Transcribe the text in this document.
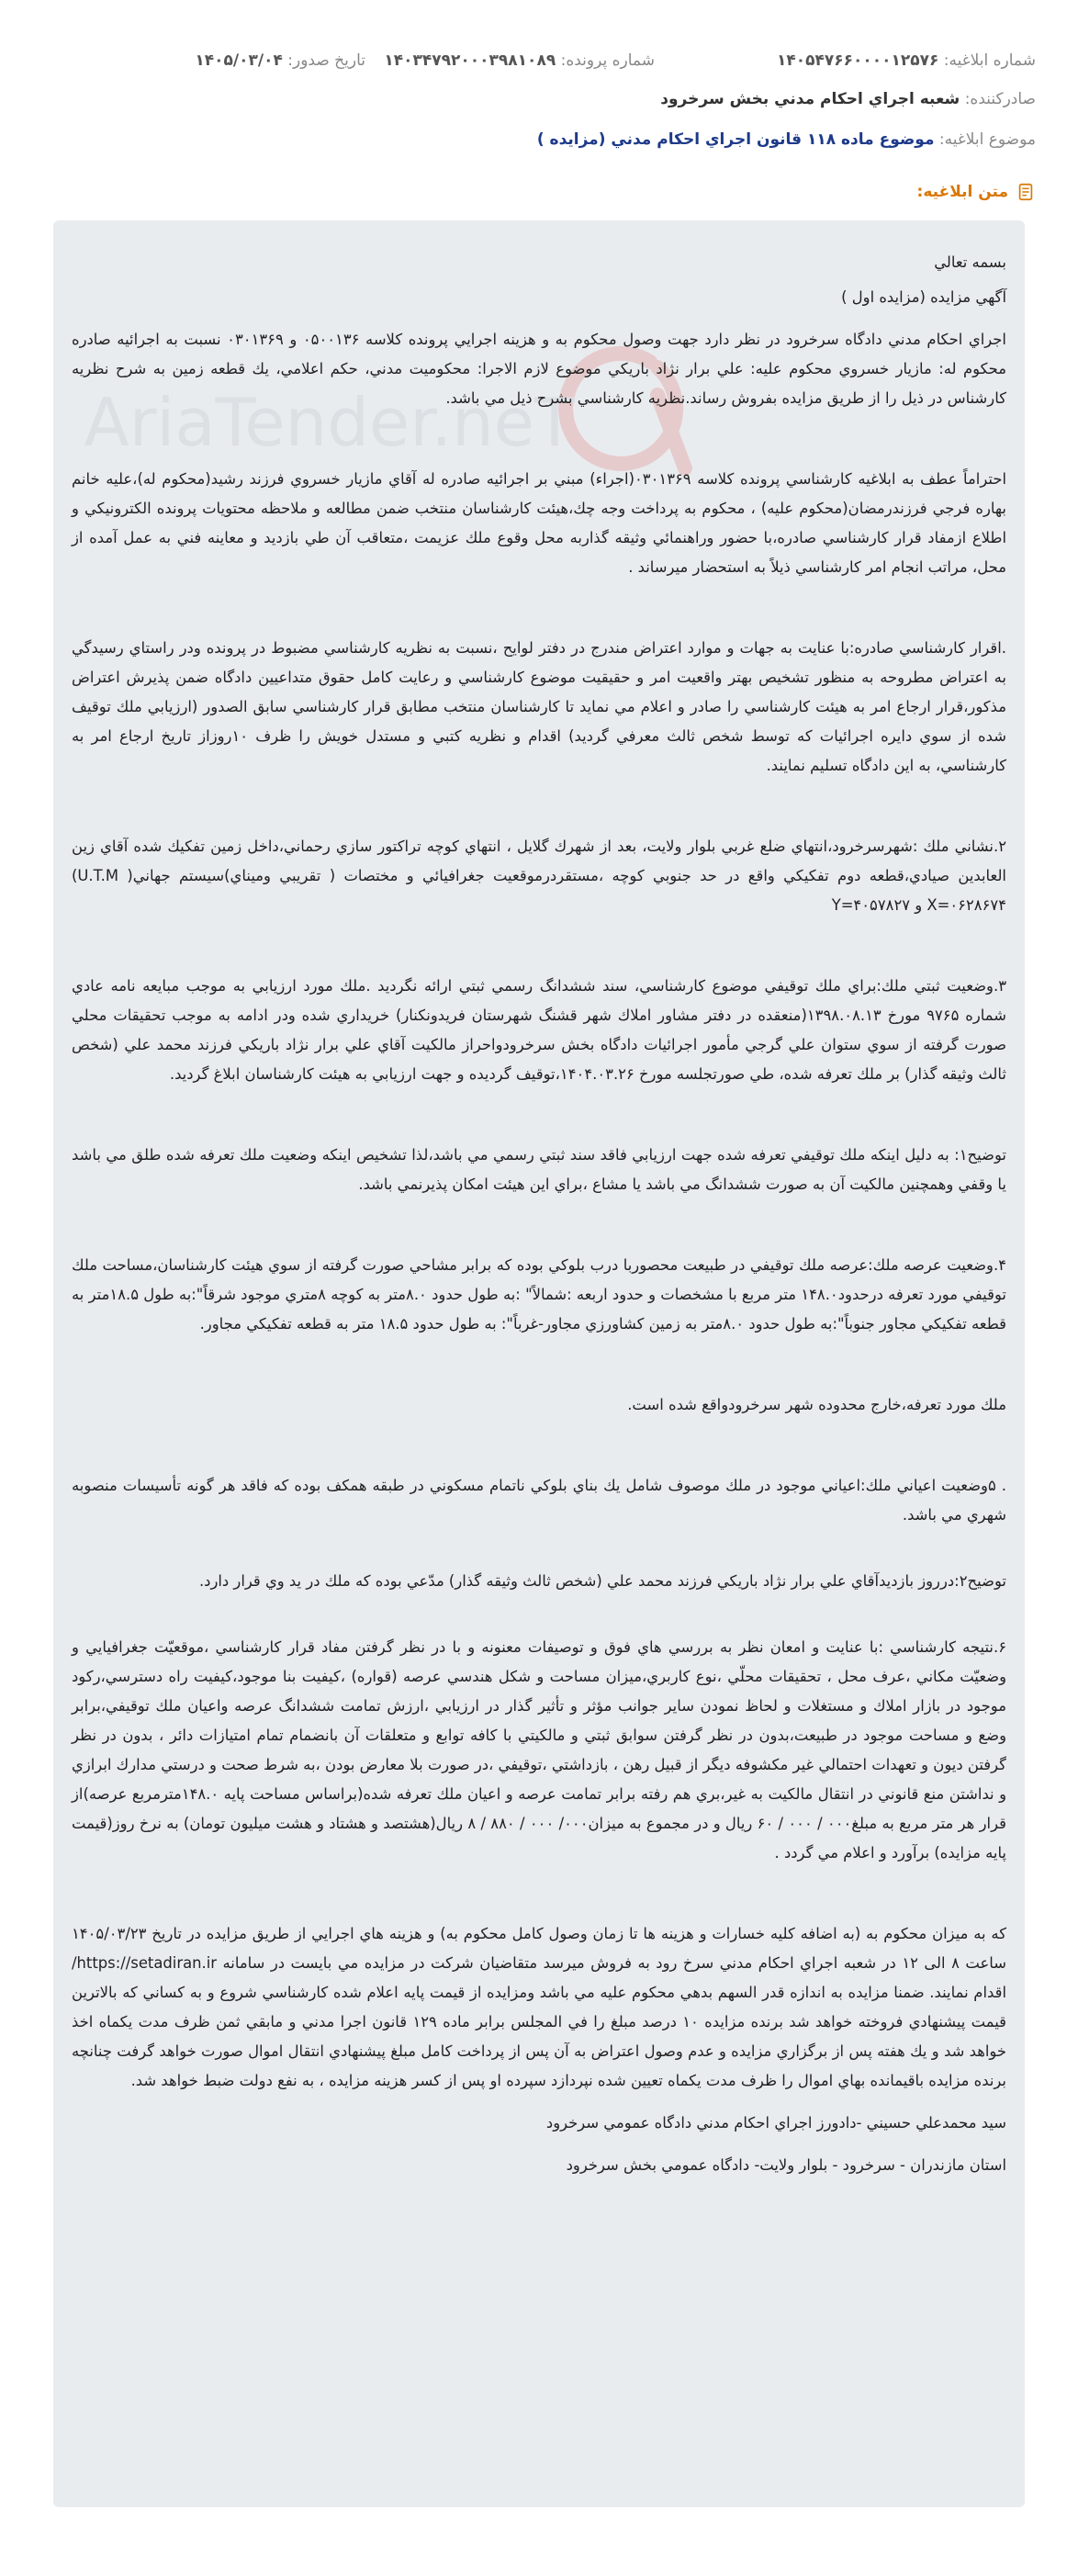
شماره ابلاغيه: ۱۴۰۵۴۷۶۶۰۰۰۰۱۲۵۷۶
شماره پرونده: ۱۴۰۳۴۷۹۲۰۰۰۳۹۸۱۰۸۹
تاريخ صدور: ۱۴۰۵/۰۳/۰۴
صادرکننده: شعبه اجراي احكام مدني بخش سرخرود
موضوع ابلاغيه: موضوع ماده ۱۱۸ قانون اجراي احكام مدني (مزايده )
متن ابلاغيه:
AriaTender.neT

بسمه تعالي

آگهي مزايده (مزايده اول )

اجراي احكام مدني دادگاه سرخرود در نظر دارد جهت وصول محكوم به و هزينه اجرايي پرونده كلاسه ۰۵۰۰۱۳۶ و ۰۳۰۱۳۶۹ نسبت به اجرائيه صادره محكوم له: مازيار خسروي محكوم عليه: علي برار نژاد باريكي موضوع لازم الاجرا: محكوميت مدني، حكم اعلامي، يك قطعه زمين به شرح نظريه كارشناس در ذيل را از طريق مزايده بفروش رساند.نظريه كارشناسي بشرح ذيل مي باشد.

احتراماً عطف به ابلاغيه كارشناسي پرونده كلاسه ۰۳۰۱۳۶۹(اجراء) مبني بر اجرائيه صادره له آقاي مازيار خسروي فرزند رشيد(محكوم له)،عليه خانم بهاره فرجي فرزندرمضان(محكوم عليه) ، محكوم به پرداخت وجه چك،هيئت كارشناسان منتخب ضمن مطالعه و ملاحظه محتويات پرونده الكترونيكي و اطلاع ازمفاد قرار كارشناسي صادره،با حضور وراهنمائي وثيقه گذاربه محل وقوع ملك عزيمت ،متعاقب آن طي بازديد و معاينه فني به عمل آمده از محل، مراتب انجام امر كارشناسي ذيلاً به استحضار ميرساند .

.اقرار كارشناسي صادره:با عنايت به جهات و موارد اعتراض مندرج در دفتر لوايح ،نسبت به نظريه كارشناسي مضبوط در پرونده ودر راستاي رسيدگي به اعتراض مطروحه به منظور تشخيص بهتر واقعيت امر و حقيقيت موضوع كارشناسي و رعايت كامل حقوق متداعيين دادگاه ضمن پذيرش اعتراض مذكور،قرار ارجاع امر به هيئت كارشناسي را صادر و اعلام مي نمايد تا كارشناسان منتخب مطابق قرار كارشناسي سابق الصدور (ارزيابي ملك توقيف شده از سوي دايره اجرائيات كه توسط شخص ثالث معرفي گرديد) اقدام و نظريه كتبي و مستدل خويش را ظرف ۱۰روزاز تاريخ ارجاع امر به كارشناسي، به اين دادگاه تسليم نمايند.

۲.نشاني ملك :شهرسرخرود،انتهاي ضلع غربي بلوار ولايت، بعد از شهرك گلايل ، انتهاي كوچه تراكتور سازي رحماني،داخل زمين تفكيك شده آقاي زين العابدين صيادي،قطعه دوم تفكيكي واقع در حد جنوبي كوچه ،مستقردرموقعيت جغرافيائي و مختصات ( تقريبي وميناي)سيستم جهاني( U.T.M) X=۰۶۲۸۶۷۴ و Y=۴۰۵۷۸۲۷

۳.وضعيت ثبتي ملك:براي ملك توقيفي موضوع كارشناسي، سند ششدانگ رسمي ثبتي ارائه نگرديد .ملك مورد ارزيابي به موجب مبايعه نامه عادي شماره ۹۷۶۵ مورخ ۱۳۹۸.۰۸.۱۳(منعقده در دفتر مشاور املاك شهر قشنگ شهرستان فريدونكنار) خريداري شده ودر ادامه به موجب تحقيقات محلي صورت گرفته از سوي ستوان علي گرجي مأمور اجرائيات دادگاه بخش سرخرودواحراز مالكيت آقاي علي برار نژاد باريكي فرزند محمد علي (شخص ثالث وثيقه گذار) بر ملك تعرفه شده، طي صورتجلسه مورخ ۱۴۰۴.۰۳.۲۶،توقيف گرديده و جهت ارزيابي به هيئت كارشناسان ابلاغ گرديد.

توضيح۱: به دليل اينكه ملك توقيفي تعرفه شده جهت ارزيابي فاقد سند ثبتي رسمي مي باشد،لذا تشخيص اينكه وضعيت ملك تعرفه شده طلق مي باشد يا وقفي وهمچنين مالكيت آن به صورت ششدانگ مي باشد يا مشاع ،براي اين هيئت امكان پذيرنمي باشد.

۴.وضعيت عرصه ملك:عرصه ملك توقيفي در طبيعت محصوربا درب بلوكي بوده كه برابر مشاحي صورت گرفته از سوي هيئت كارشناسان،مساحت ملك توقيفي مورد تعرفه درحدود۱۴۸.۰ متر مربع با مشخصات و حدود اربعه :شمالاً" :به طول حدود ۸.۰متر به كوچه ۸متري موجود شرقاً":به طول ۱۸.۵متر به قطعه تفكيكي مجاور جنوباً":به طول حدود ۸.۰متر به زمين كشاورزي مجاور-غرباً": به طول حدود ۱۸.۵ متر به قطعه تفكيكي مجاور.

ملك مورد تعرفه،خارج محدوده شهر سرخرودواقع شده است.

. ۵وضعيت اعياني ملك:اعياني موجود در ملك موصوف شامل يك بناي بلوكي ناتمام مسكوني در طبقه همكف بوده كه فاقد هر گونه تأسيسات منصوبه شهري مي باشد.

توضيح۲:درروز بازديدآقاي علي برار نژاد باريكي فرزند محمد علي (شخص ثالث وثيقه گذار) مدّعي بوده كه ملك در يد وي قرار دارد.

۶.نتيجه كارشناسي :با عنايت و امعان نظر به بررسي هاي فوق و توصيفات معنونه و با در نظر گرفتن مفاد قرار كارشناسي ،موقعيّت جغرافيايي و وضعيّت مكاني ،عرف محل ، تحقيقات محلّي ،نوع كاربري،ميزان مساحت و شكل هندسي عرصه (قواره) ،كيفيت بنا موجود،كيفيت راه دسترسي،ركود موجود در بازار املاك و مستغلات و لحاظ نمودن ساير جوانب مؤثر و تأثير گذار در ارزيابي ،ارزش تمامت ششدانگ عرصه واعيان ملك توقيفي،برابر وضع و مساحت موجود در طبيعت،بدون در نظر گرفتن سوابق ثبتي و مالكيتي با كافه توابع و متعلقات آن بانضمام تمام امتيازات دائر ، بدون در نظر گرفتن ديون و تعهدات احتمالي غير مكشوفه ديگر از قبيل رهن ، بازداشتي ،توقيفي ،در صورت بلا معارض بودن ،به شرط صحت و درستي مدارك ابرازي و نداشتن منع قانوني در انتقال مالكيت به غير،بري هم رفته برابر تمامت عرصه و اعيان ملك تعرفه شده(براساس مساحت پايه ۱۴۸.۰مترمربع عرصه)از قرار هر متر مربع به مبلغ۰۰۰ / ۰۰۰ / ۶۰ ريال و در مجموع به ميزان۰۰۰/ ۰۰۰ / ۸۸۰ / ۸ ريال(هشتصد و هشتاد و هشت ميليون تومان) به نرخ روز(قيمت پايه مزايده) برآورد و اعلام مي گردد .

كه به ميزان محكوم به (به اضافه كليه خسارات و هزينه ها تا زمان وصول كامل محكوم به) و هزينه هاي اجرايي از طريق مزايده در تاريخ ۱۴۰۵/۰۳/۲۳ ساعت ۸ الی ۱۲ در شعبه اجراي احكام مدني سرخ رود به فروش ميرسد متقاضيان شركت در مزايده مي بايست در سامانه https://setadiran.ir/اقدام نمايند. ضمنا مزايده به اندازه قدر السهم بدهي محكوم عليه مي باشد ومزايده از قيمت پايه اعلام شده كارشناسي شروع و به كساني كه بالاترين قيمت پيشنهادي فروخته خواهد شد برنده مزايده ۱۰ درصد مبلغ را في المجلس برابر ماده ۱۲۹ قانون اجرا مدني و مابقي ثمن ظرف مدت يكماه اخذ خواهد شد و يك هفته پس از برگزاري مزايده و عدم وصول اعتراض به آن پس از پرداخت كامل مبلغ پيشنهادي انتقال اموال صورت خواهد گرفت چنانچه برنده مزايده باقيمانده بهاي اموال را ظرف مدت يكماه تعيين شده نپردازد سپرده او پس از كسر هزينه مزايده ، به نفع دولت ضبط خواهد شد.

سيد محمدعلي حسيني -دادورز اجراي احكام مدني دادگاه عمومي سرخرود

استان مازندران - سرخرود - بلوار ولايت- دادگاه عمومي بخش سرخرود
